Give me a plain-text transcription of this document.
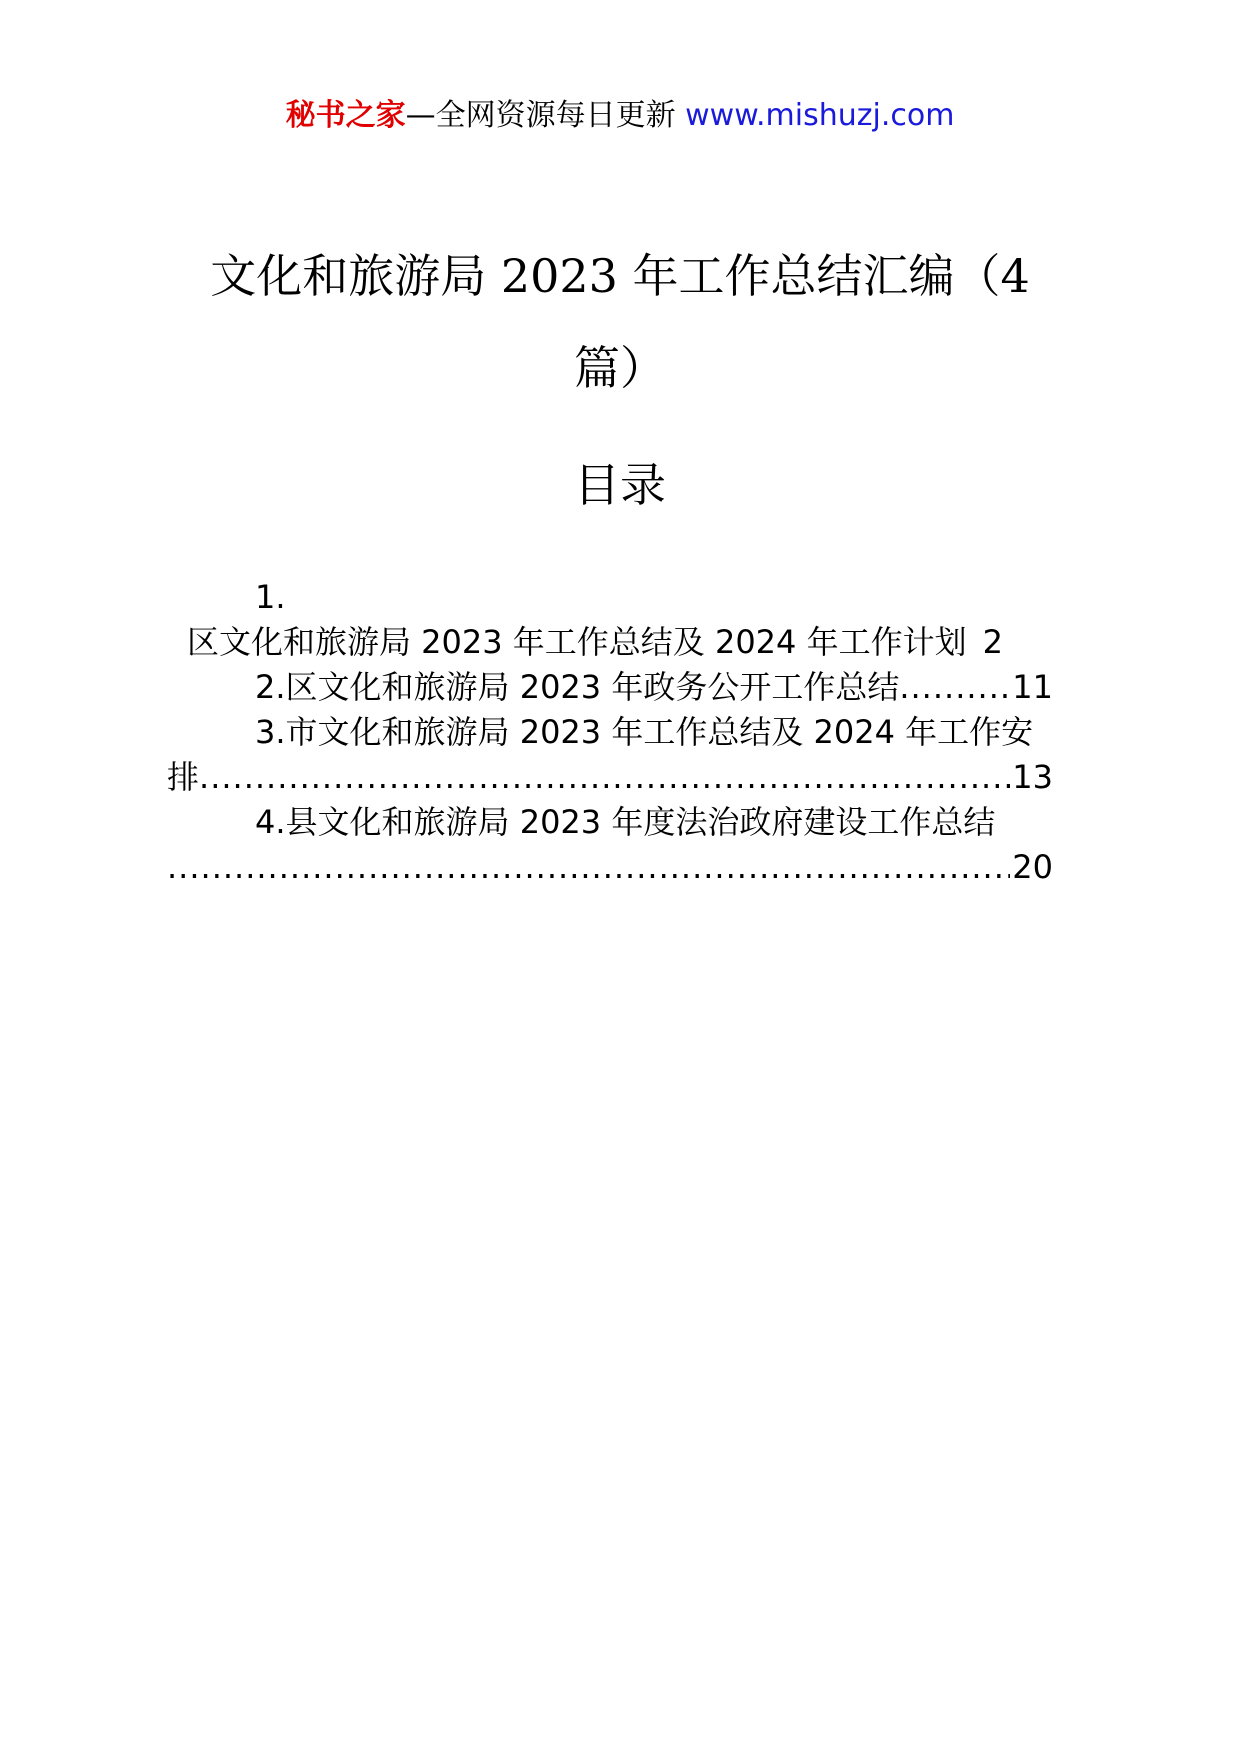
秘书之家—全网资源每日更新 www.mishuzj.com
文化和旅游局 2023 年工作总结汇编（4
篇）
目录
1.
区文化和旅游局 2023 年工作总结及 2024 年工作计划 2
2.区文化和旅游局 2023 年政务公开工作总结 .....	11
3.市文化和旅游局 2023 年工作总结及 2024 年工作安
排 .....	13
4.县文化和旅游局 2023 年度法治政府建设工作总结
.....
20
